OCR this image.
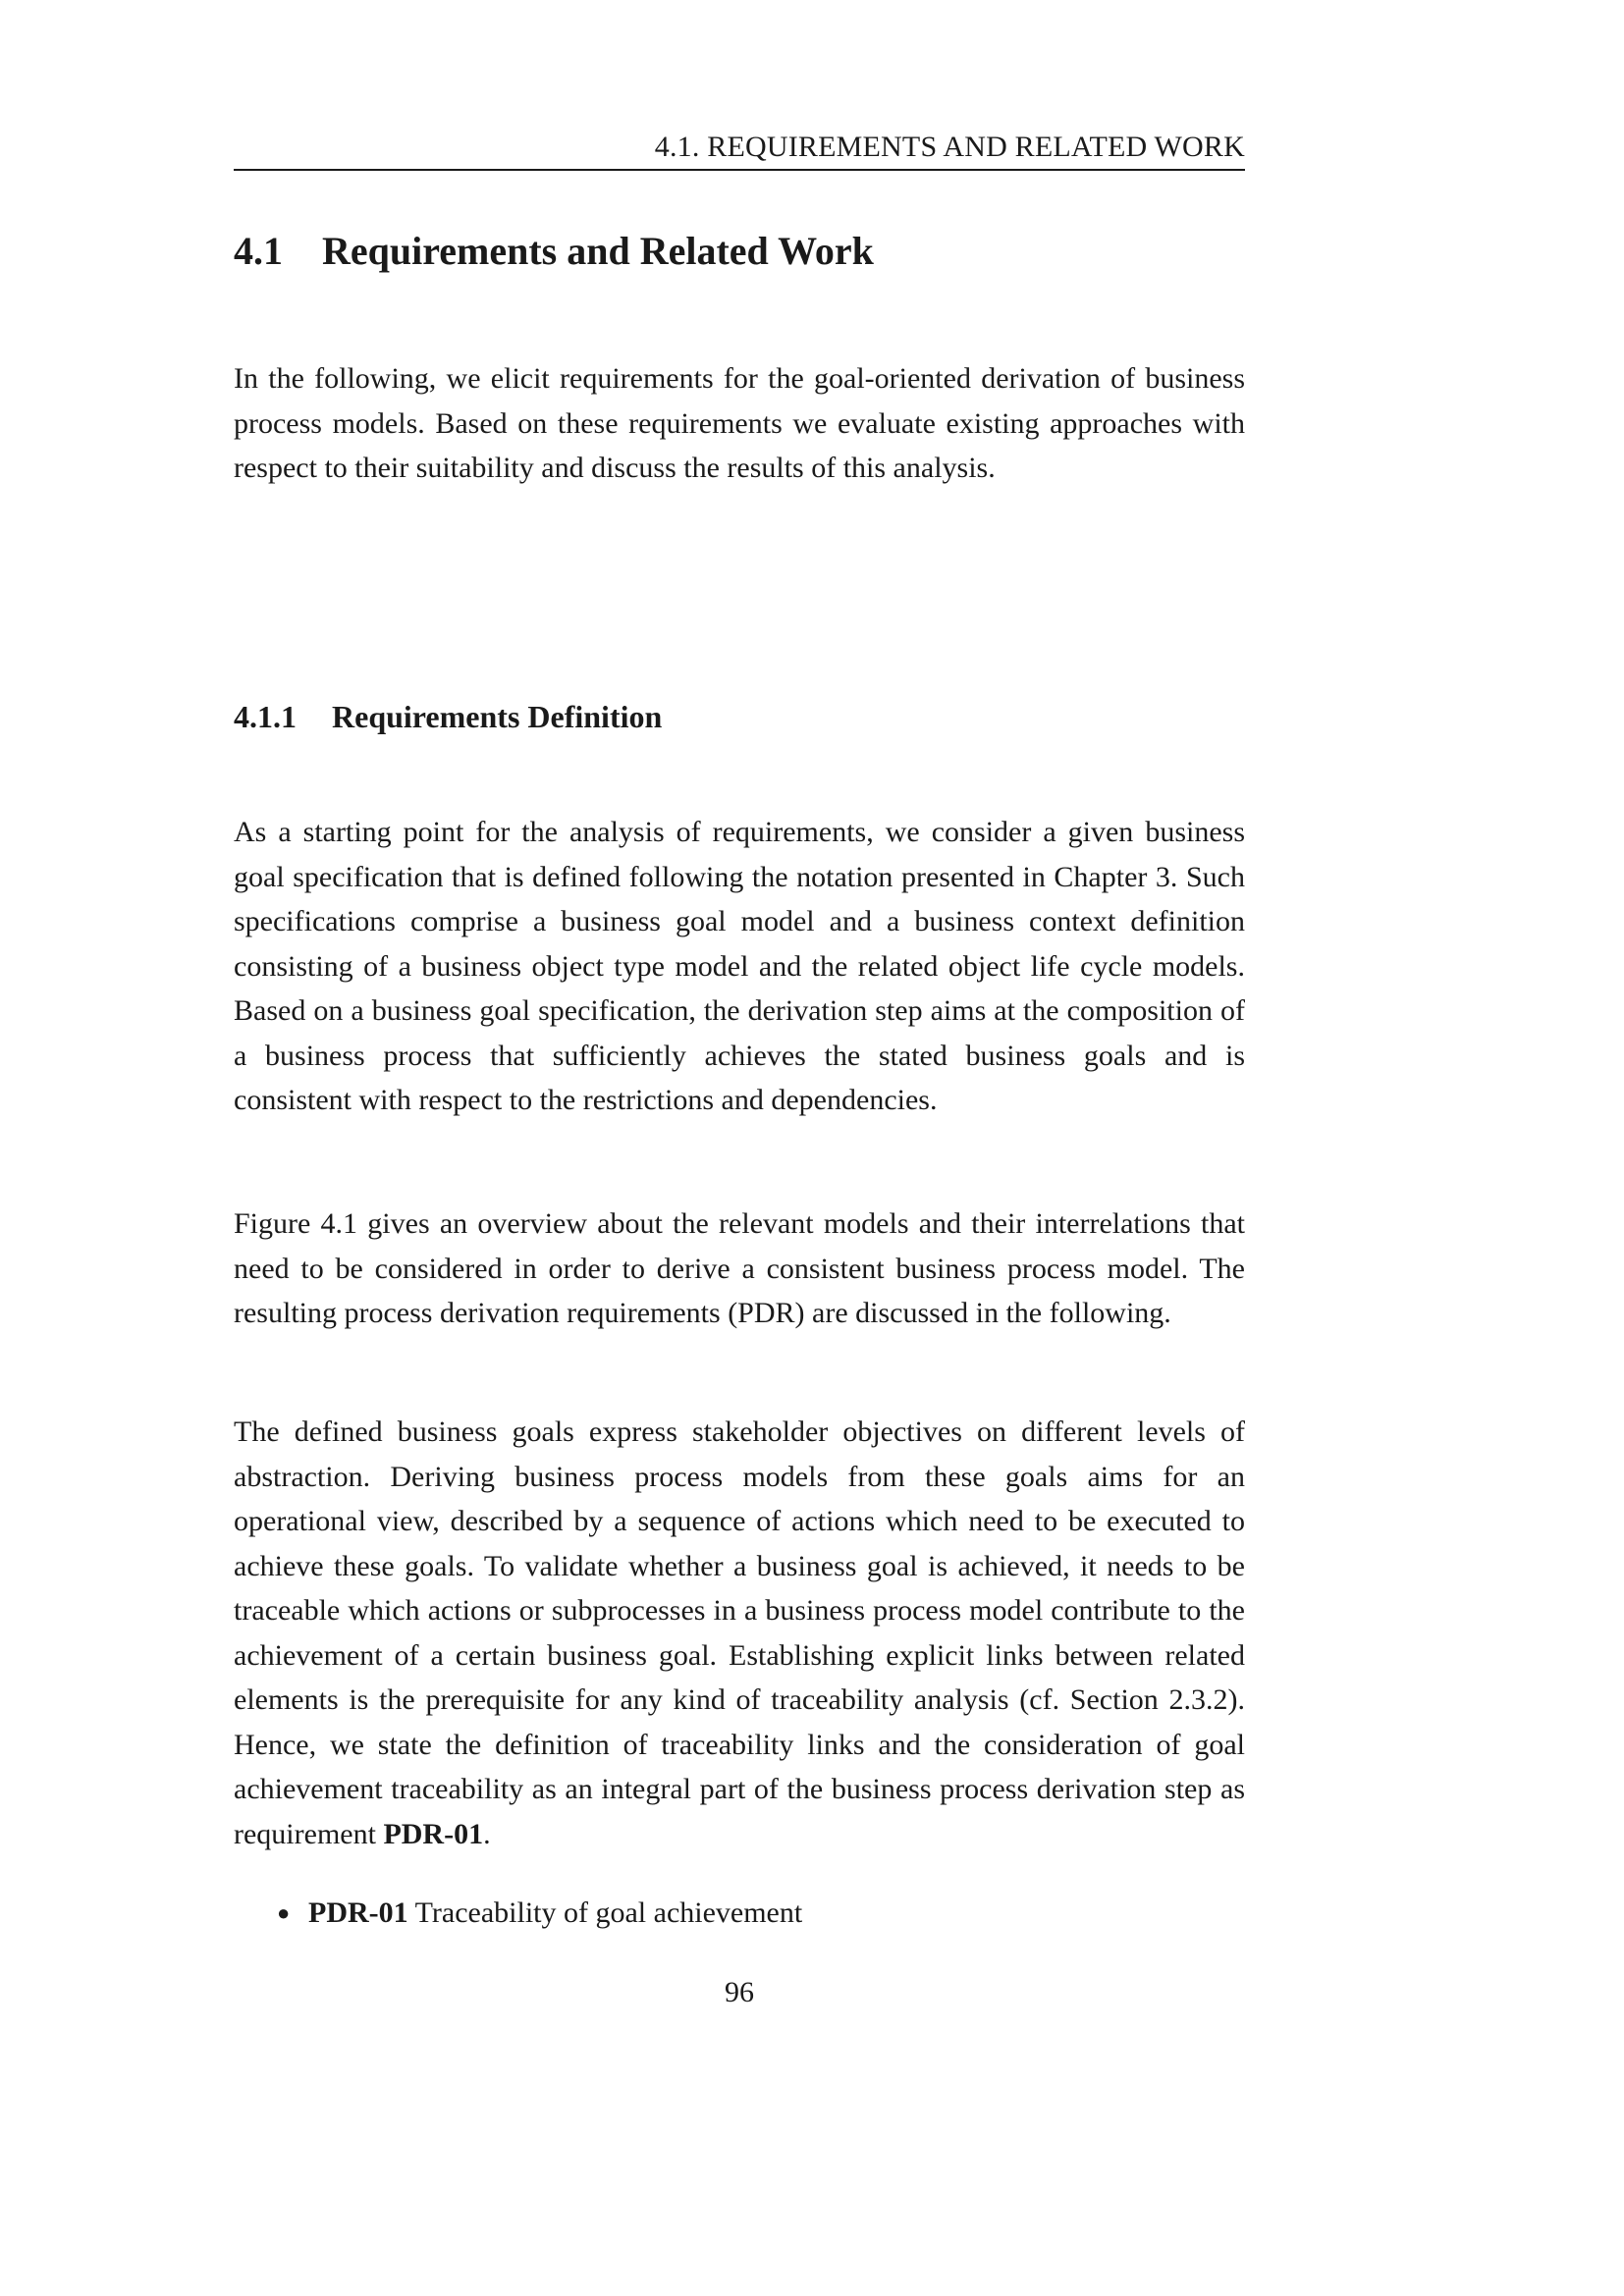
4.1. REQUIREMENTS AND RELATED WORK
4.1 Requirements and Related Work

In the following, we elicit requirements for the goal-oriented derivation of business process models. Based on these requirements we evaluate existing approaches with respect to their suitability and discuss the results of this analysis.

4.1.1 Requirements Definition

As a starting point for the analysis of requirements, we consider a given business goal specification that is defined following the notation presented in Chapter 3. Such specifications comprise a business goal model and a business context definition consisting of a business object type model and the related object life cycle models. Based on a business goal specification, the derivation step aims at the composition of a business process that sufficiently achieves the stated business goals and is consistent with respect to the restrictions and dependencies.

Figure 4.1 gives an overview about the relevant models and their interrelations that need to be considered in order to derive a consistent business process model. The resulting process derivation requirements (PDR) are discussed in the following.

The defined business goals express stakeholder objectives on different levels of abstraction. Deriving business process models from these goals aims for an operational view, described by a sequence of actions which need to be executed to achieve these goals. To validate whether a business goal is achieved, it needs to be traceable which actions or subprocesses in a business process model contribute to the achievement of a certain business goal. Establishing explicit links between related elements is the prerequisite for any kind of traceability analysis (cf. Section 2.3.2). Hence, we state the definition of traceability links and the consideration of goal achievement traceability as an integral part of the business process derivation step as requirement PDR-01.

● PDR-01 Traceability of goal achievement
96
